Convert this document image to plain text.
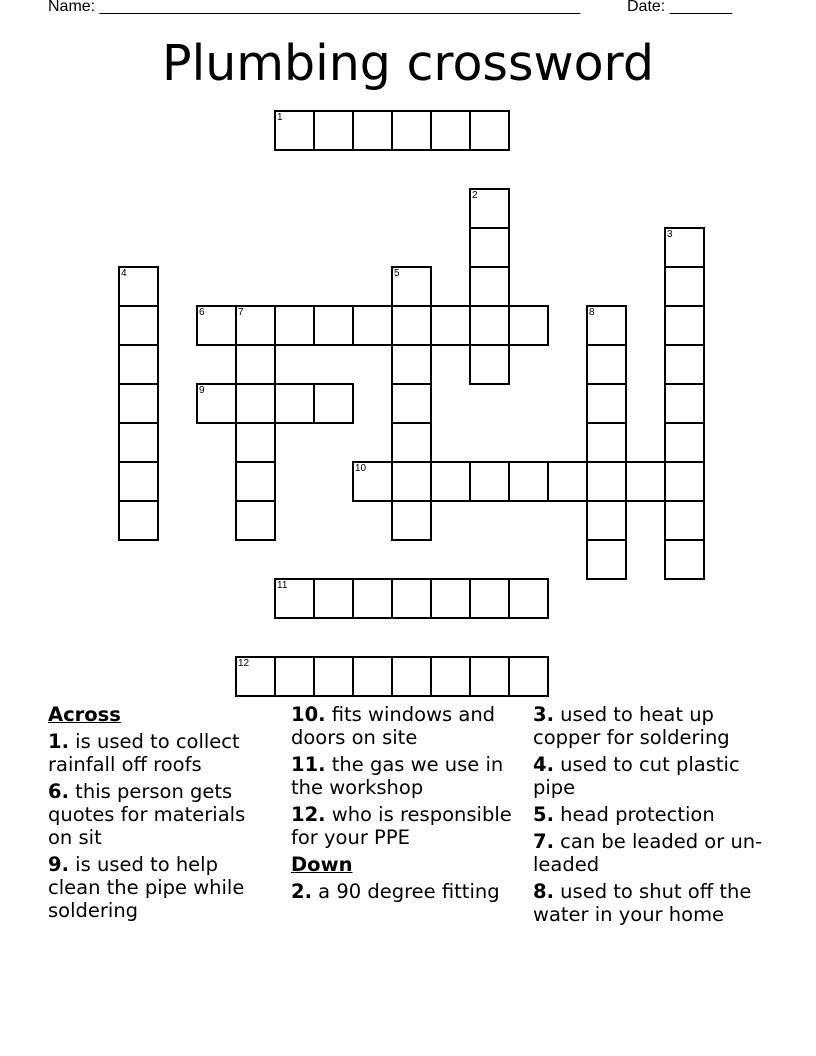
Name: ______________________________________________________	Date: _______
Plumbing crossword
1
2
3
4	5
6	7	8
9
10
11
12
Across
1. is used to collect rainfall off roofs
6. this person gets quotes for materials on sit
9. is used to help clean the pipe while soldering
10. fits windows and doors on site
11. the gas we use in the workshop
12. who is responsible for your PPE
Down
2. a 90 degree fitting
3. used to heat up copper for soldering
4. used to cut plastic pipe
5. head protection
7. can be leaded or un-leaded
8. used to shut off the water in your home
